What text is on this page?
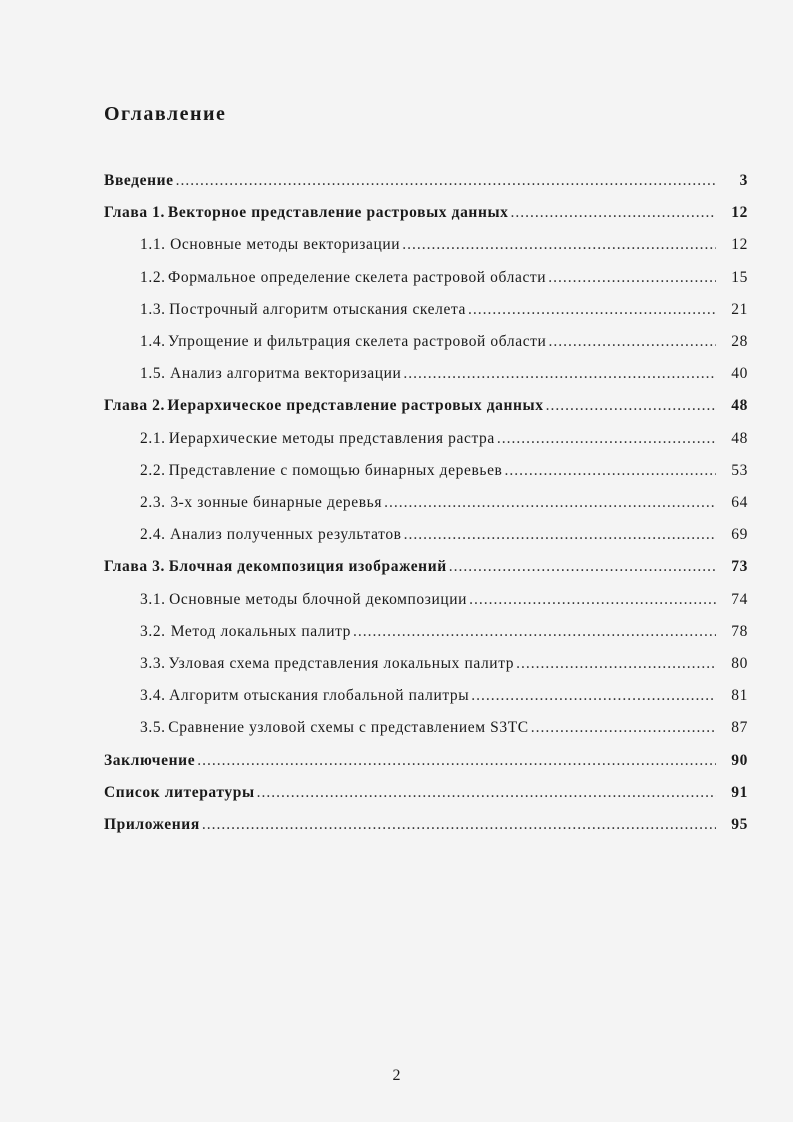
Оглавление
Введение .....	3
Глава 1. Векторное представление растровых данных .....	12
1.1. Основные методы векторизации .....	12
1.2. Формальное определение скелета растровой области .....	15
1.3. Построчный алгоритм отыскания скелета .....	21
1.4. Упрощение и фильтрация скелета растровой области .....	28
1.5. Анализ алгоритма векторизации .....	40
Глава 2. Иерархическое представление растровых данных .....	48
2.1. Иерархические методы представления растра .....	48
2.2. Представление с помощью бинарных деревьев .....	53
2.3. 3-х зонные бинарные деревья .....	64
2.4. Анализ полученных результатов .....	69
Глава 3. Блочная декомпозиция изображений .....	73
3.1. Основные методы блочной декомпозиции .....	74
3.2. Метод локальных палитр .....	78
3.3. Узловая схема представления локальных палитр .....	80
3.4. Алгоритм отыскания глобальной палитры .....	81
3.5. Сравнение узловой схемы с представлением S3TC .....	87
Заключение .....	90
Список литературы .....	91
Приложения .....	95
2
